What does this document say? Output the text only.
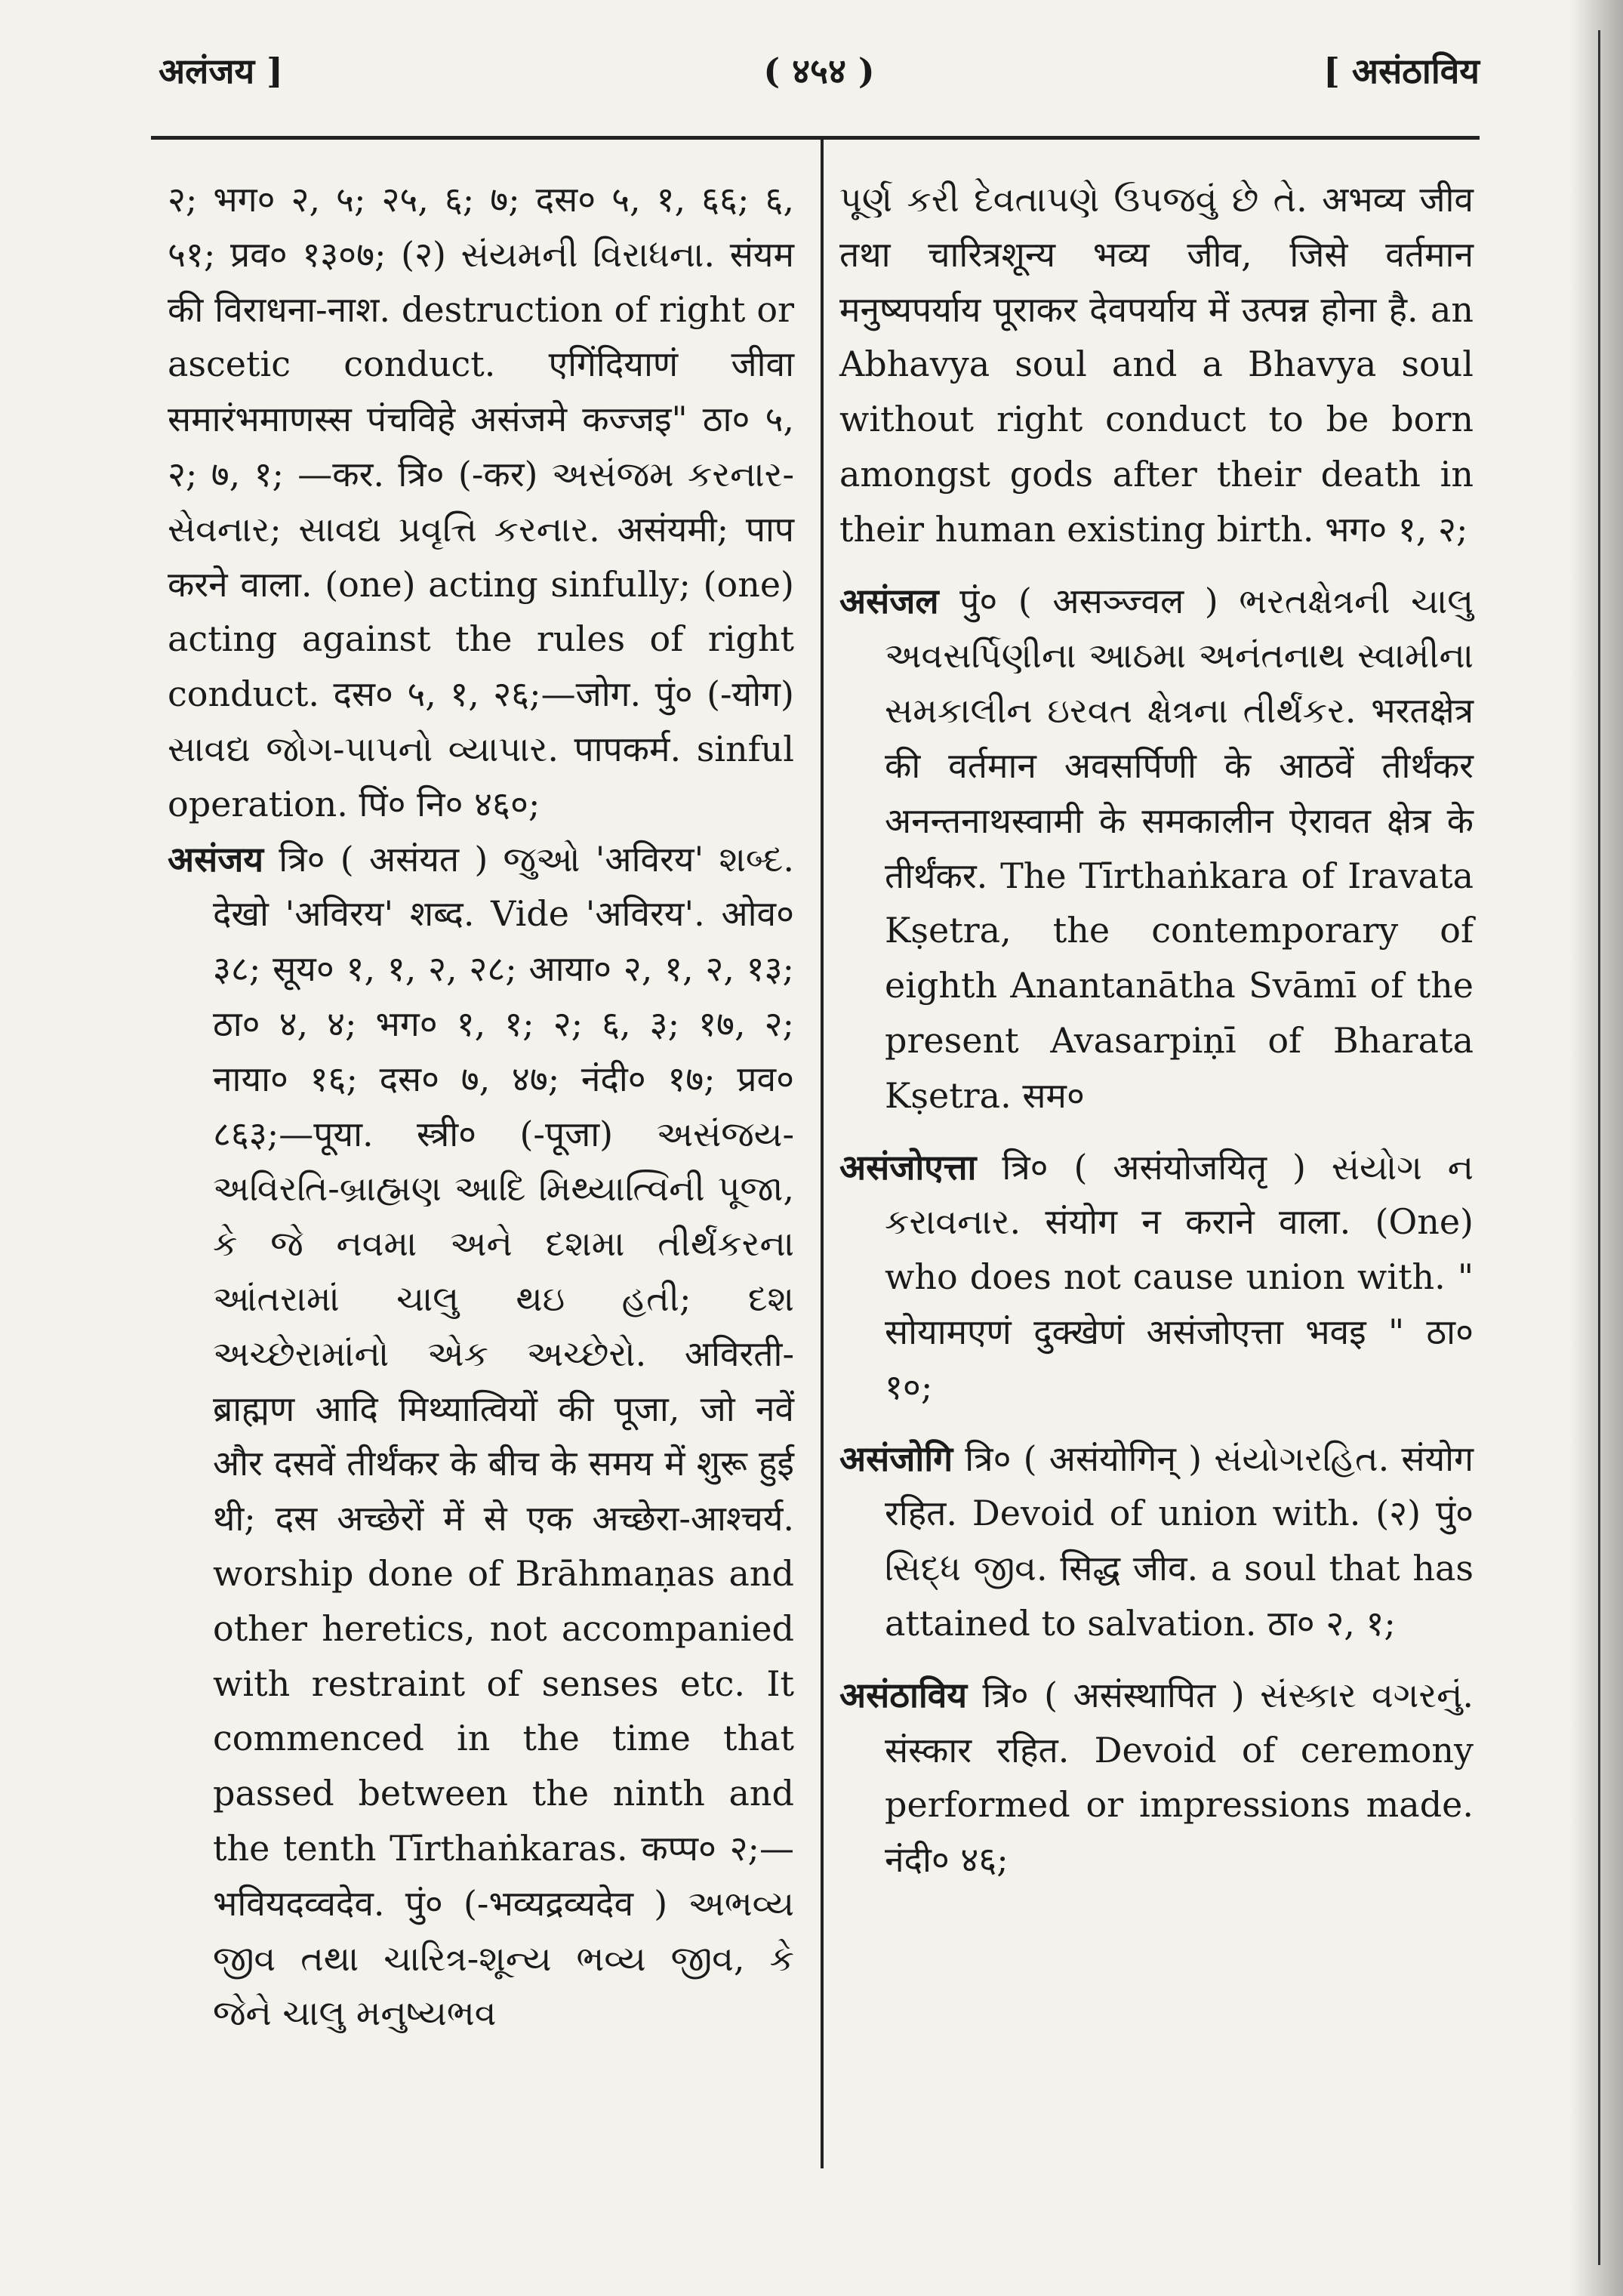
अलंजय ]	( ४५४ )	[ असंठाविय

२; भग० २, ५; २५, ६; ७; दस० ५, १, ६६; ६, ५१; प्रव० १३०७; (२) સંયમની વિરાધના. संयम की विराधना-नाश. destruction of right or ascetic conduct. एगिंदियाणं जीवा समारंभमाणस्स पंचविहे असंजमे कज्जइ" ठा० ५, २; ७, १; —कर. त्रि० (-कर) અસંજમ કરનાર- સેવનાર; સાવદ્ય પ્રવૃત્તિ કરનાર. असंयमी; पाप करने वाला. (one) acting sinfully; (one) acting against the rules of right conduct. दस० ५, १, २६;—जोग. पुं० (-योग) સાવદ્ય જોગ-પાપનો વ્યાપાર. पापकर्म. sinful operation. पिं० नि० ४६०;

असंजय त्रि० ( असंयत ) જુઓ 'अविरय' શબ્દ. देखो 'अविरय' शब्द. Vide 'अविरय'. ओव० ३८; सूय० १, १, २, २८; आया० २, १, २, १३; ठा० ४, ४; भग० १, १; २; ६, ३; १७, २; नाया० १६; दस० ७, ४७; नंदी० १७; प्रव० ८६३;—पूया. स्त्री० (-पूजा) અસંજય-અવિરતિ-બ્રાહ્મણ આદિ મિથ્યાત્વિની પૂજા, કે જે નવમા અને દશમા તીર્થંકરના આંતરામાં ચાલુ થઇ હતી; દશ અચ્છેરામાંનો એક અચ્છેરો. अविरती-ब्राह्मण आदि मिथ्यात्वियों की पूजा, जो नवें और दसवें तीर्थंकर के बीच के समय में शुरू हुई थी; दस अच्छेरों में से एक अच्छेरा-आश्चर्य. worship done of Brāhmaṇas and other heretics, not accompanied with restraint of senses etc. It commenced in the time that passed between the ninth and the tenth Tīrthaṅkaras. कप्प० २;—भवियदव्वदेव. पुं० (-भव्यद्रव्यदेव ) અભવ્ય જીવ તથા ચારિત્ર-શૂન્ય ભવ્ય જીવ, કે જેને ચાલુ મનુષ્યભવ

પૂર્ણ કરી દેવતાપણે ઉપજવું છે તે. अभव्य जीव तथा चारित्रशून्य भव्य जीव, जिसे वर्तमान मनुष्यपर्याय पूराकर देवपर्याय में उत्पन्न होना है. an Abhavya soul and a Bhavya soul without right conduct to be born amongst gods after their death in their human existing birth. भग० १, २;

असंजल पुं० ( असञ्ज्वल ) ભરતક્ષેત્રની ચાલુ અવસર્પિણીના આઠમા અનંતનાથ સ્વામીના સમકાલીન ઇરવત ક્ષેત્રના તીર્થંકર. भरतक्षेत्र की वर्तमान अवसर्पिणी के आठवें तीर्थंकर अनन्तनाथस्वामी के समकालीन ऐरावत क्षेत्र के तीर्थंकर. The Tīrthaṅkara of Iravata Kṣetra, the contemporary of eighth Anantanātha Svāmī of the present Avasarpiṇī of Bharata Kṣetra. सम०

असंजोएत्ता त्रि० ( असंयोजयितृ ) સંયોગ ન કરાવનાર. संयोग न कराने वाला. (One) who does not cause union with. " सोयामएणं दुक्खेणं असंजोएत्ता भवइ " ठा० १०;

असंजोगि त्रि० ( असंयोगिन् ) સંયોગરહિત. संयोग रहित. Devoid of union with. (२) पुं० સિદ્ધ જીવ. सिद्ध जीव. a soul that has attained to salvation. ठा० २, १;

असंठाविय त्रि० ( असंस्थापित ) સંસ્કાર વગરનું. संस्कार रहित. Devoid of ceremony performed or impressions made. नंदी० ४६;
